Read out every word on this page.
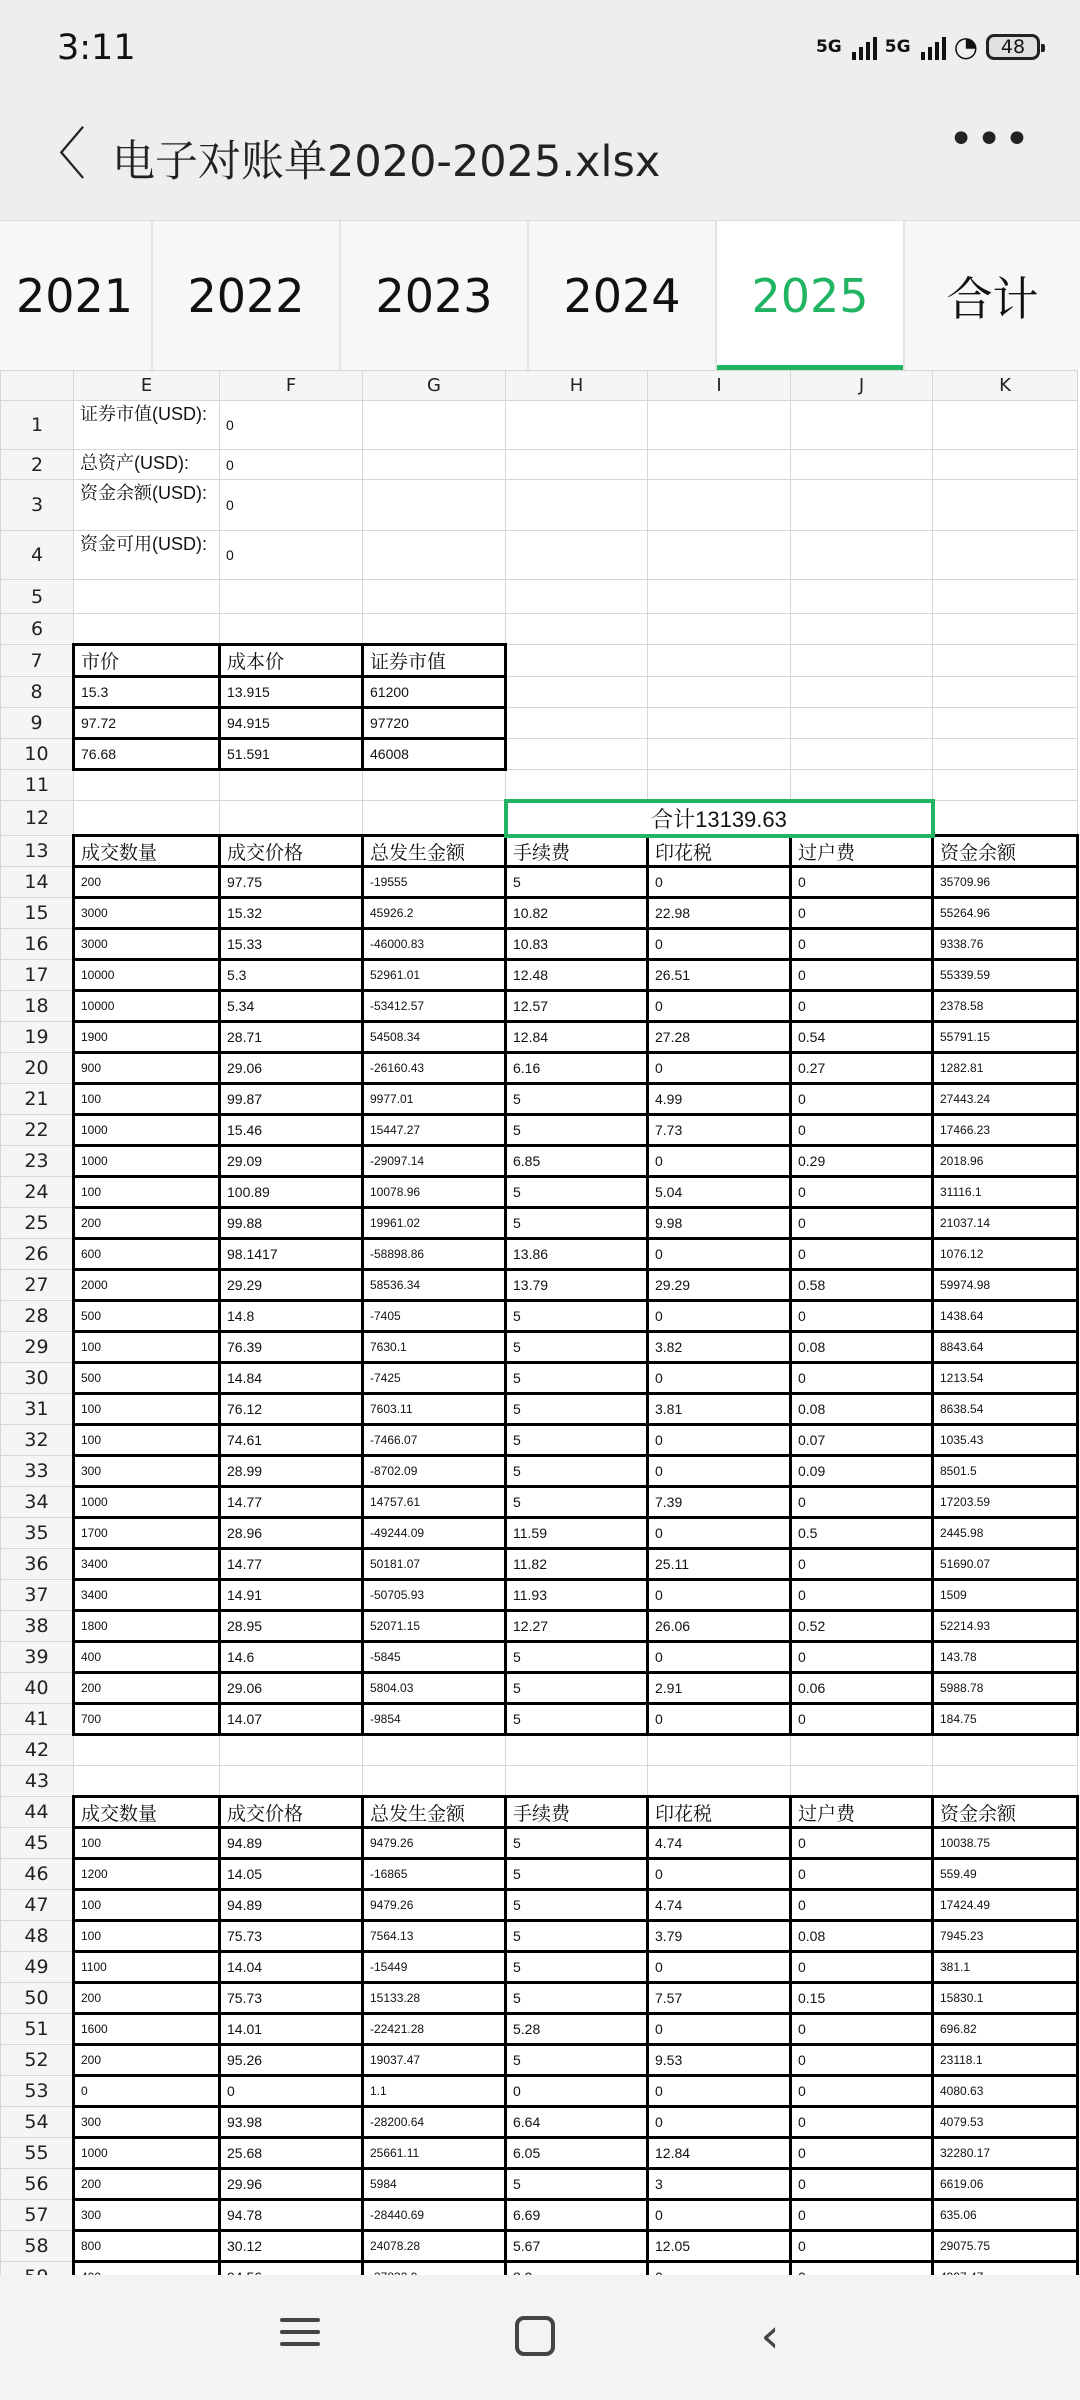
3:11	5G	5G ◔ 48
〈 电子对账单2020-2025.xlsx	•••
2021	2022	2023	2024	2025	合计
	E	F	G	H	I	J	K
1	证券市值(USD):	0					
2	总资产(USD):	0					
3	资金余额(USD):	0					
4	资金可用(USD):	0					
5							
6							
7	市价	成本价	证券市值				
8	15.3	13.915	61200				
9	97.72	94.915	97720				
10	76.68	51.591	46008				
11							
12				合计13139.63			
13	成交数量	成交价格	总发生金额	手续费	印花税	过户费	资金余额
14	200	97.75	-19555	5	0	0	35709.96
15	3000	15.32	45926.2	10.82	22.98	0	55264.96
16	3000	15.33	-46000.83	10.83	0	0	9338.76
17	10000	5.3	52961.01	12.48	26.51	0	55339.59
18	10000	5.34	-53412.57	12.57	0	0	2378.58
19	1900	28.71	54508.34	12.84	27.28	0.54	55791.15
20	900	29.06	-26160.43	6.16	0	0.27	1282.81
21	100	99.87	9977.01	5	4.99	0	27443.24
22	1000	15.46	15447.27	5	7.73	0	17466.23
23	1000	29.09	-29097.14	6.85	0	0.29	2018.96
24	100	100.89	10078.96	5	5.04	0	31116.1
25	200	99.88	19961.02	5	9.98	0	21037.14
26	600	98.1417	-58898.86	13.86	0	0	1076.12
27	2000	29.29	58536.34	13.79	29.29	0.58	59974.98
28	500	14.8	-7405	5	0	0	1438.64
29	100	76.39	7630.1	5	3.82	0.08	8843.64
30	500	14.84	-7425	5	0	0	1213.54
31	100	76.12	7603.11	5	3.81	0.08	8638.54
32	100	74.61	-7466.07	5	0	0.07	1035.43
33	300	28.99	-8702.09	5	0	0.09	8501.5
34	1000	14.77	14757.61	5	7.39	0	17203.59
35	1700	28.96	-49244.09	11.59	0	0.5	2445.98
36	3400	14.77	50181.07	11.82	25.11	0	51690.07
37	3400	14.91	-50705.93	11.93	0	0	1509
38	1800	28.95	52071.15	12.27	26.06	0.52	52214.93
39	400	14.6	-5845	5	0	0	143.78
40	200	29.06	5804.03	5	2.91	0.06	5988.78
41	700	14.07	-9854	5	0	0	184.75
42							
43							
44	成交数量	成交价格	总发生金额	手续费	印花税	过户费	资金余额
45	100	94.89	9479.26	5	4.74	0	10038.75
46	1200	14.05	-16865	5	0	0	559.49
47	100	94.89	9479.26	5	4.74	0	17424.49
48	100	75.73	7564.13	5	3.79	0.08	7945.23
49	1100	14.04	-15449	5	0	0	381.1
50	200	75.73	15133.28	5	7.57	0.15	15830.1
51	1600	14.01	-22421.28	5.28	0	0	696.82
52	200	95.26	19037.47	5	9.53	0	23118.1
53	0	0	1.1	0	0	0	4080.63
54	300	93.98	-28200.64	6.64	0	0	4079.53
55	1000	25.68	25661.11	6.05	12.84	0	32280.17
56	200	29.96	5984	5	3	0	6619.06
57	300	94.78	-28440.69	6.69	0	0	635.06
58	800	30.12	24078.28	5.67	12.05	0	29075.75

‹
